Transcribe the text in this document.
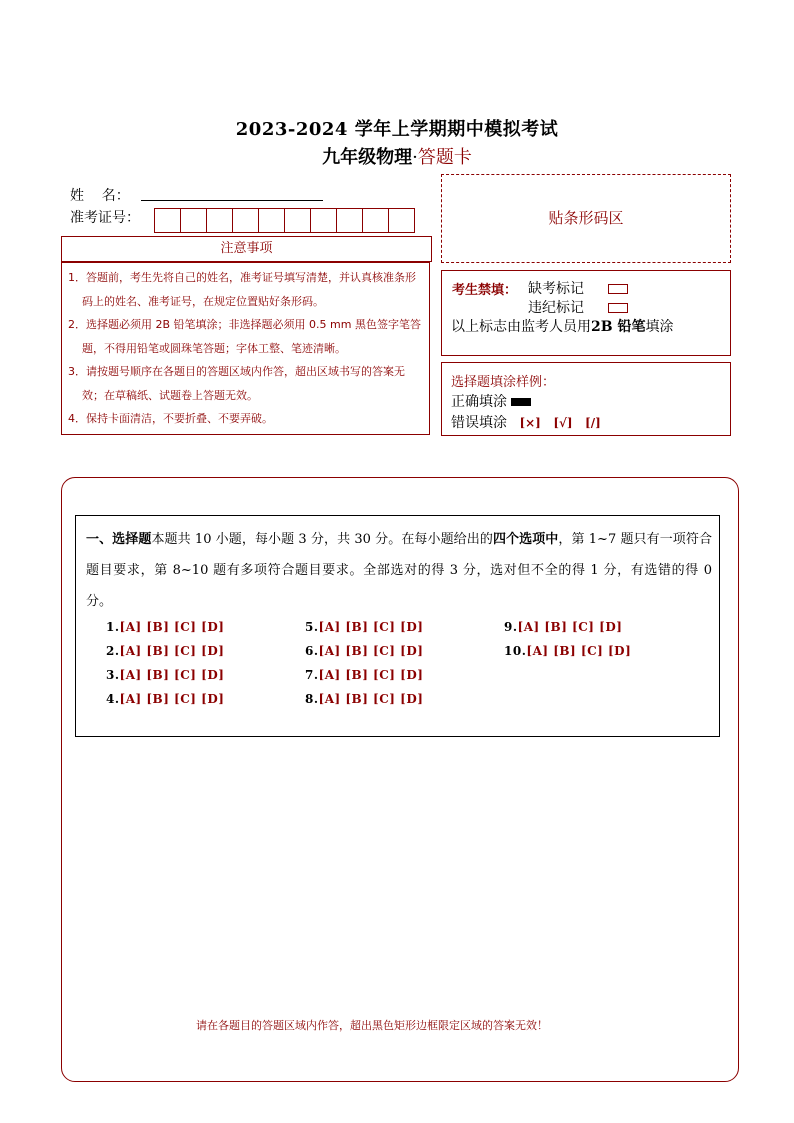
2023-2024 学年上学期期中模拟考试
九年级物理·答题卡
姓    名：
准考证号：
注意事项

1．答题前，考生先将自己的姓名，准考证号填写清楚，并认真核准条形码上的姓名、准考证号，在规定位置贴好条形码。

2．选择题必须用 2B 铅笔填涂；非选择题必须用 0.5 mm 黑色签字笔答题，不得用铅笔或圆珠笔答题；字体工整、笔迹清晰。

3．请按题号顺序在各题目的答题区域内作答，超出区域书写的答案无效；在草稿纸、试题卷上答题无效。

4．保持卡面清洁，不要折叠、不要弄破。

贴条形码区
考生禁填： 缺考标记
违纪标记
以上标志由监考人员用2B 铅笔填涂
选择题填涂样例：
正确填涂
错误填涂 [×] [√] [/]
一、选择题本题共 10 小题，每小题 3 分，共 30 分。在每小题给出的四个选项中，第 1~7 题只有一项符合题目要求，第 8~10 题有多项符合题目要求。全部选对的得 3 分，选对但不全的得 1 分，有选错的得 0 分。
1.[A] [B] [C] [D]
2.[A] [B] [C] [D]
3.[A] [B] [C] [D]
4.[A] [B] [C] [D]
5.[A] [B] [C] [D]
6.[A] [B] [C] [D]
7.[A] [B] [C] [D]
8.[A] [B] [C] [D]
9.[A] [B] [C] [D]
10.[A] [B] [C] [D]
请在各题目的答题区域内作答，超出黑色矩形边框限定区域的答案无效！
